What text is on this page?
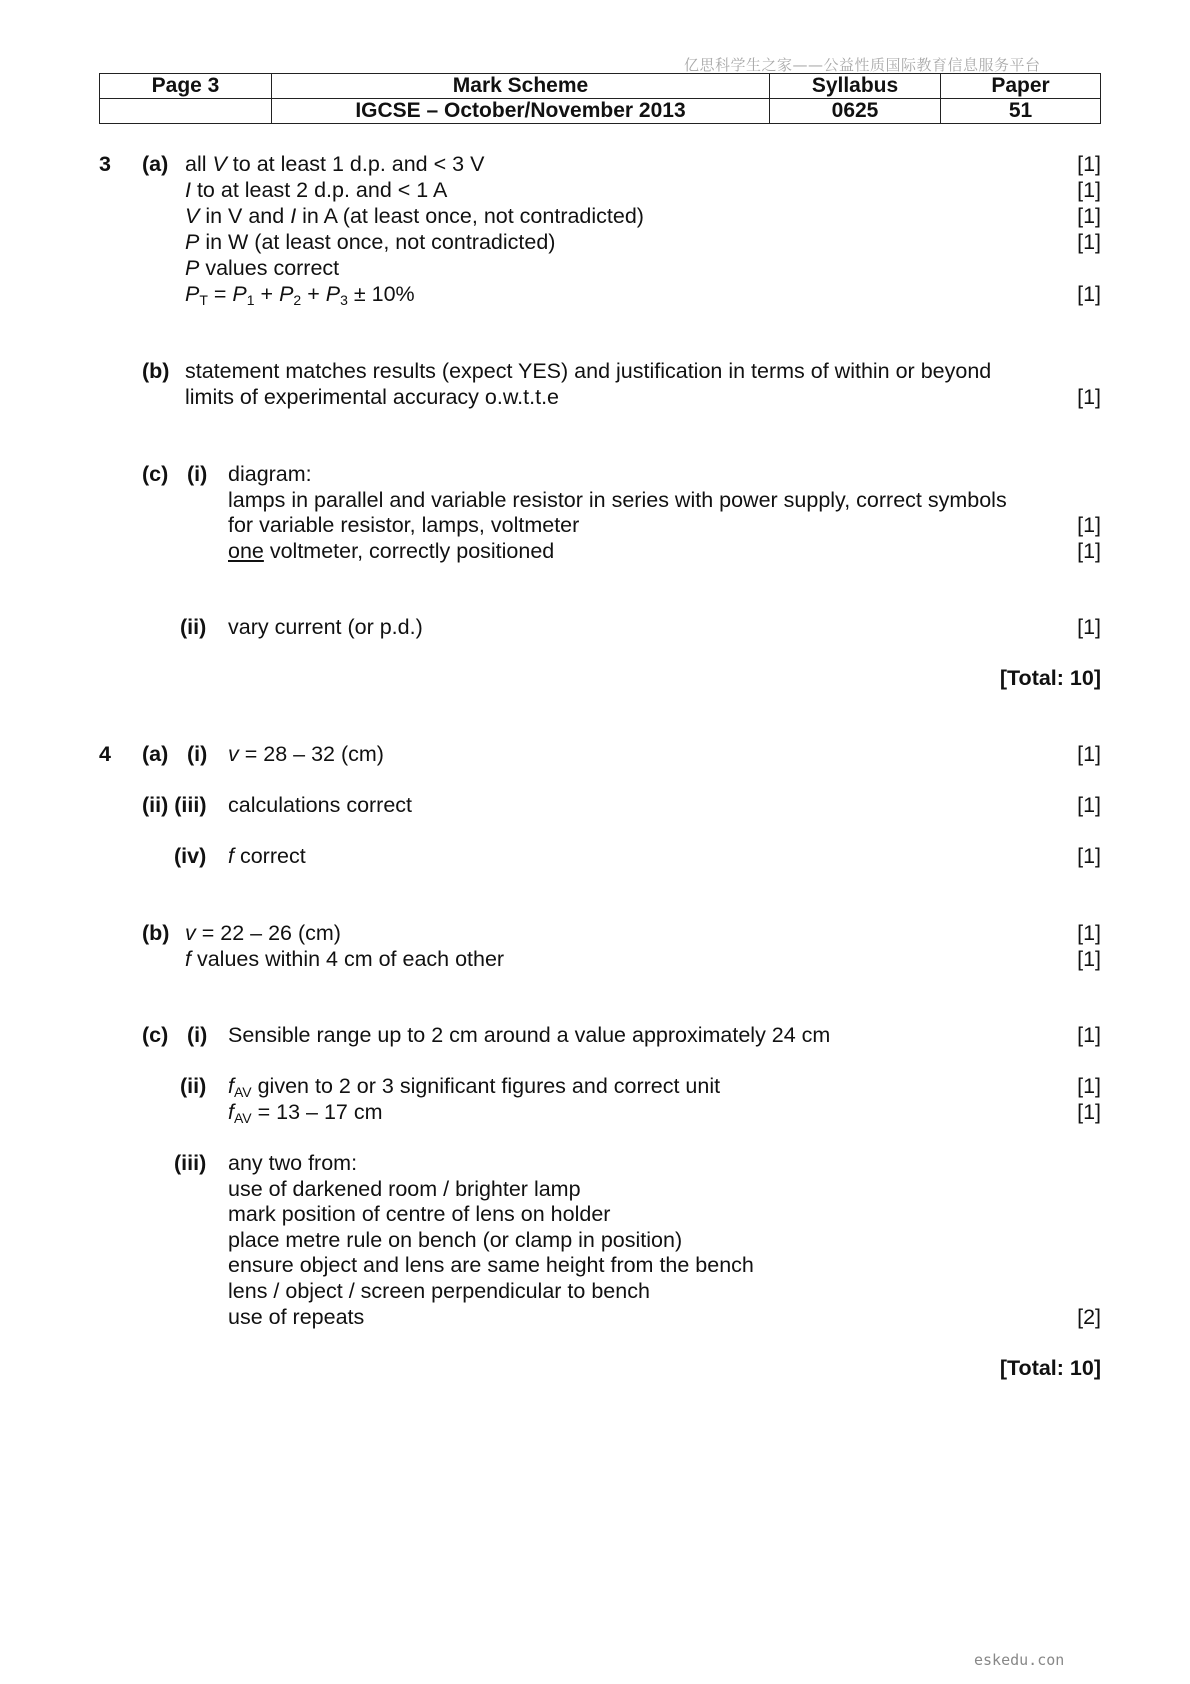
亿思科学生之家——公益性质国际教育信息服务平台
Page 3	Mark Scheme	Syllabus	Paper
	IGCSE – October/November 2013	0625	51
3 (a) all V to at least 1 d.p. and < 3 V	[1]
I to at least 2 d.p. and < 1 A	[1]
V in V and I in A (at least once, not contradicted)	[1]
P in W (at least once, not contradicted)	[1]
P values correct
$P_T = P_1 + P_2 + P_3 \pm 10\%$	[1]
(b) statement matches results (expect YES) and justification in terms of within or beyond
limits of experimental accuracy o.w.t.t.e	[1]
(c) (i) diagram:
lamps in parallel and variable resistor in series with power supply, correct symbols
for variable resistor, lamps, voltmeter	[1]
one voltmeter, correctly positioned	[1]
(ii) vary current (or p.d.)	[1]
[Total: 10]
4 (a) (i) v = 28 – 32 (cm)	[1]
(ii) (iii) calculations correct	[1]
(iv) f correct	[1]
(b) v = 22 – 26 (cm)	[1]
f values within 4 cm of each other	[1]
(c) (i) Sensible range up to 2 cm around a value approximately 24 cm	[1]
(ii) $f_{AV}$ given to 2 or 3 significant figures and correct unit	[1]
$f_{AV} = 13 - 17$ cm	[1]
(iii) any two from:
use of darkened room / brighter lamp
mark position of centre of lens on holder
place metre rule on bench (or clamp in position)
ensure object and lens are same height from the bench
lens / object / screen perpendicular to bench
use of repeats	[2]
[Total: 10]
eskedu.con
